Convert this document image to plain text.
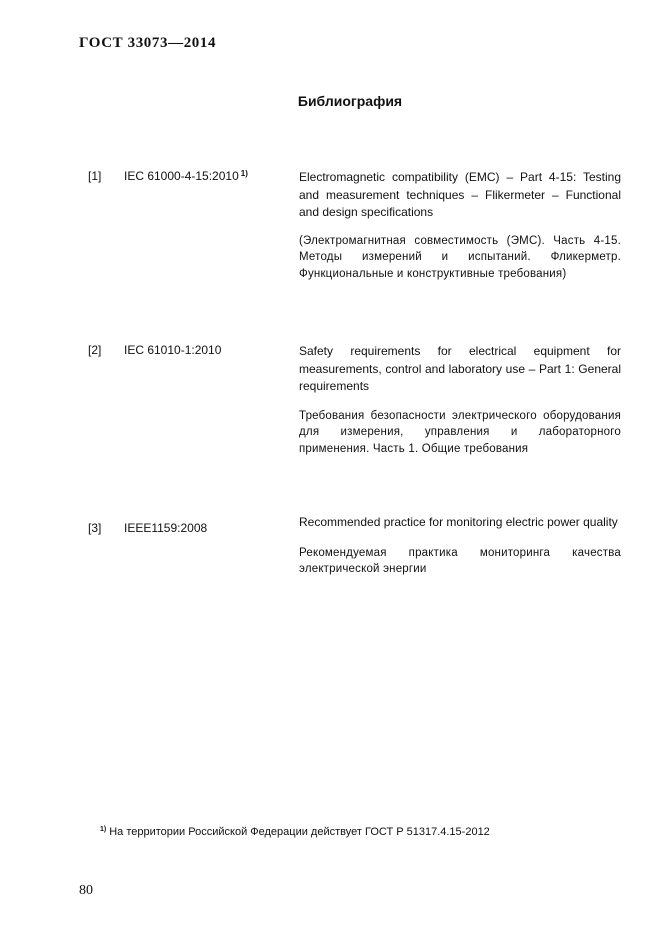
ГОСТ 33073—2014
Библиография
[1] IEC 61000-4-15:2010 $^{1)}$	Electromagnetic compatibility (EMC) – Part 4-15: Testing and measurement techniques – Flikermeter – Functional and design specifications

(Электромагнитная совместимость (ЭМС). Часть 4-15. Методы измерений и испытаний. Фликерметр. Функциональные и конструктивные требования)

[2] IEC 61010-1:2010	Safety requirements for electrical equipment for measurements, control and laboratory use – Part 1: General requirements

Требования безопасности электрического оборудования для измерения, управления и лабораторного применения. Часть 1. Общие требования

[3] IEEE1159:2008	Recommended practice for monitoring electric power quality

Рекомендуемая практика мониторинга качества электрической энергии

$^{1)}$ На территории Российской Федерации действует ГОСТ Р 51317.4.15-2012
80
